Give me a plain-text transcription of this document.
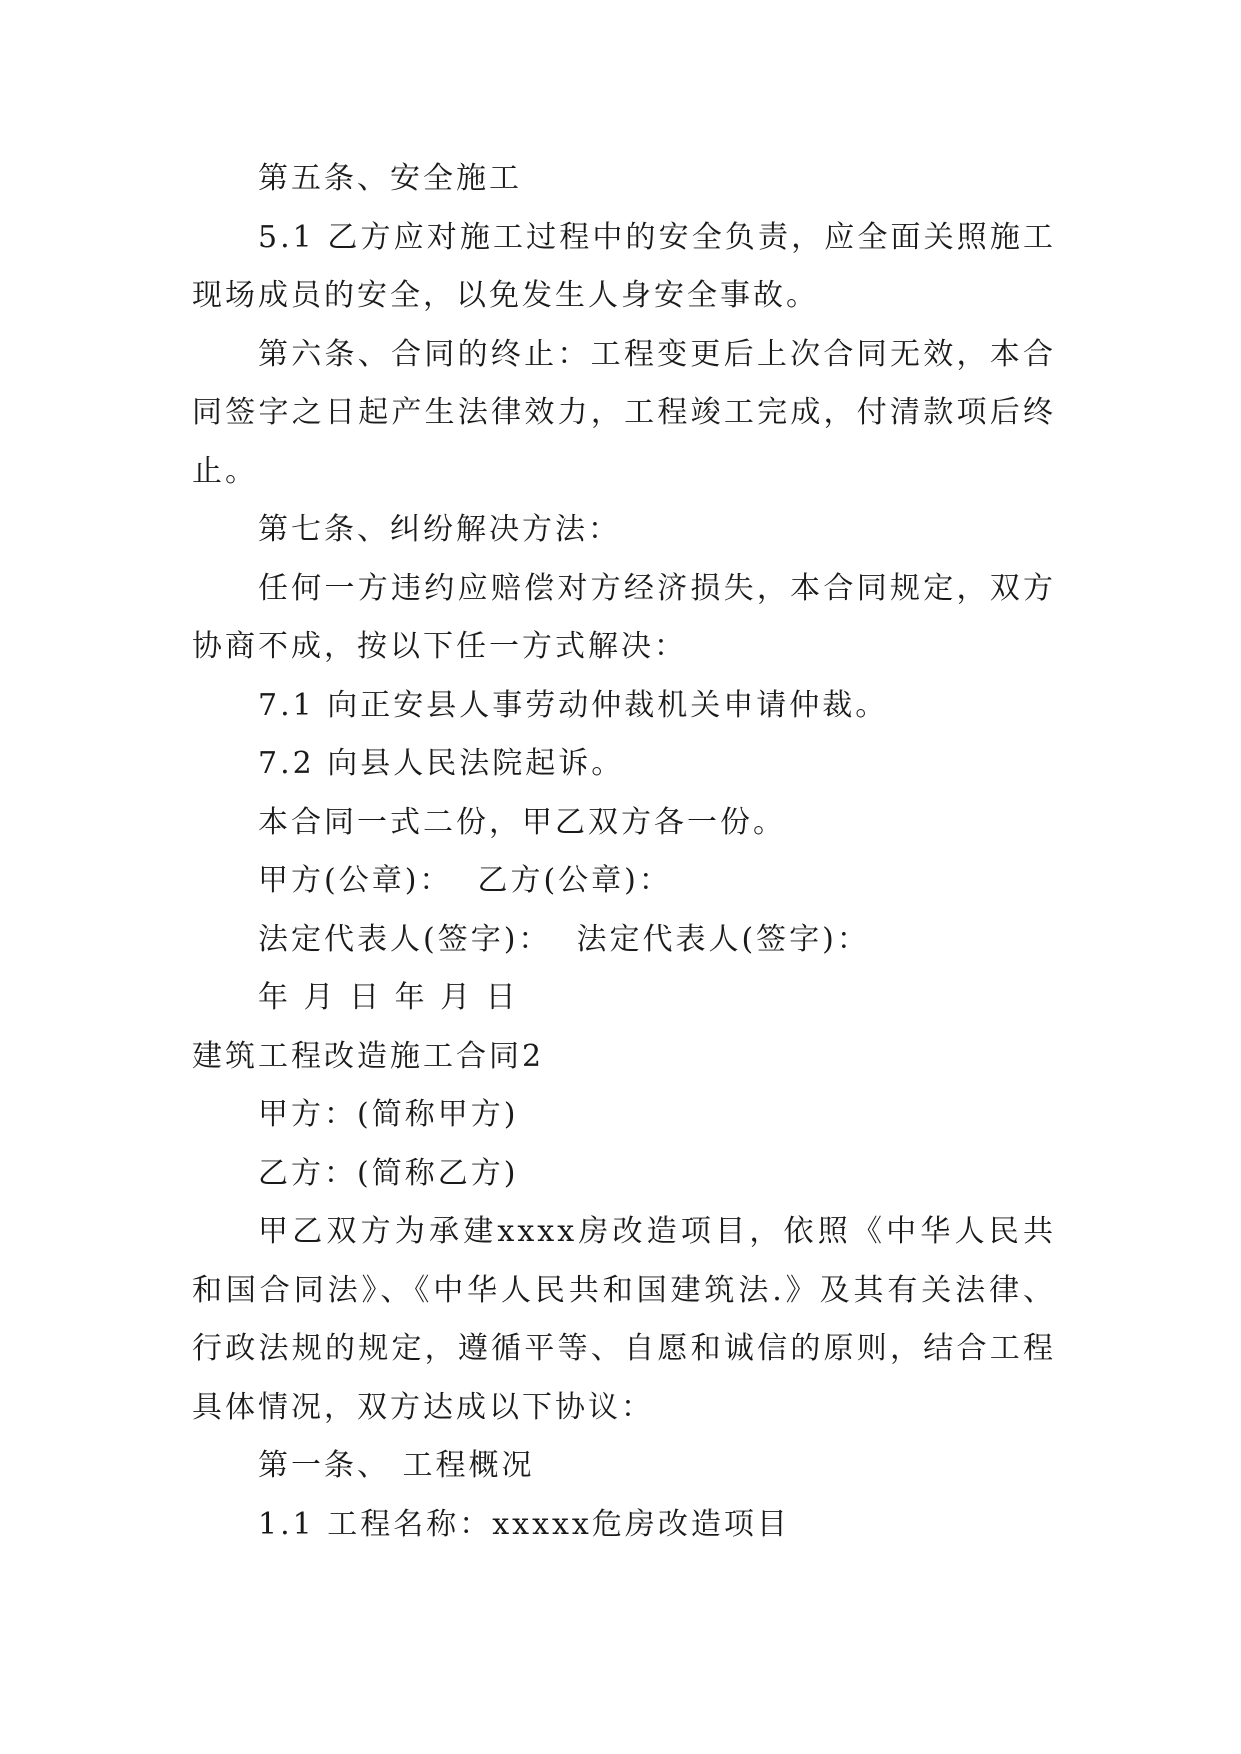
第五条、安全施工

5.1 乙方应对施工过程中的安全负责，应全面关照施工现场成员的安全，以免发生人身安全事故。

第六条、合同的终止：工程变更后上次合同无效，本合同签字之日起产生法律效力，工程竣工完成，付清款项后终止。

第七条、纠纷解决方法：

任何一方违约应赔偿对方经济损失，本合同规定，双方协商不成，按以下任一方式解决：

7.1 向正安县人事劳动仲裁机关申请仲裁。

7.2 向县人民法院起诉。

本合同一式二份，甲乙双方各一份。

甲方(公章)：  乙方(公章)：

法定代表人(签字)：  法定代表人(签字)：

年 月 日 年 月 日

建筑工程改造施工合同2

甲方：(简称甲方)

乙方：(简称乙方)

甲乙双方为承建xxxx房改造项目，依照《中华人民共和国合同法》、《中华人民共和国建筑法.》及其有关法律、行政法规的规定，遵循平等、自愿和诚信的原则，结合工程具体情况，双方达成以下协议：

第一条、 工程概况

1.1 工程名称：xxxxx危房改造项目
